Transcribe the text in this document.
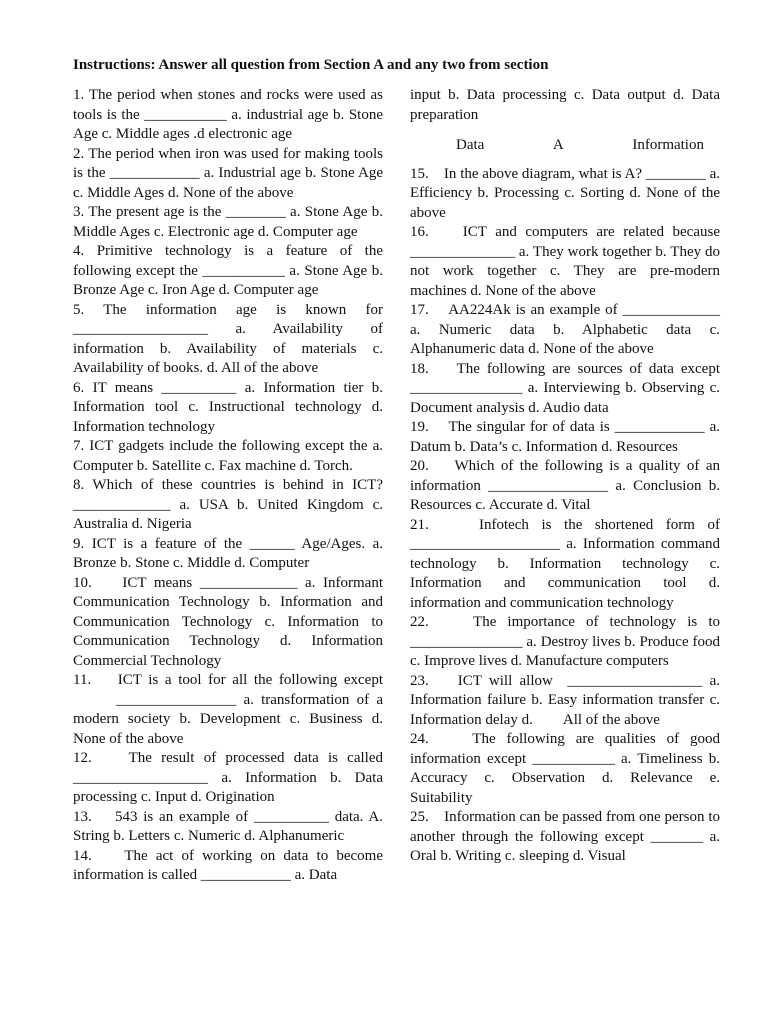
Instructions: Answer all question from Section A and any two from section

1. The period when stones and rocks were used as tools is the ___________ a. industrial age b. Stone Age c. Middle ages .d electronic age

2. The period when iron was used for making tools is the ____________ a. Industrial age b. Stone Age c. Middle Ages d. None of the above

3. The present age is the ________ a. Stone Age b. Middle Ages c. Electronic age d. Computer age

4. Primitive technology is a feature of the following except the ___________ a. Stone Age b. Bronze Age c. Iron Age d. Computer age

5. The information age is known for __________________ a. Availability of information b. Availability of materials c. Availability of books. d. All of the above

6. IT means __________ a. Information tier b. Information tool c. Instructional technology d. Information technology

7. ICT gadgets include the following except the a. Computer b. Satellite c. Fax machine d. Torch.

8. Which of these countries is behind in ICT? _____________ a. USA b. United Kingdom c. Australia d. Nigeria

9. ICT is a feature of the ______ Age/Ages. a. Bronze b. Stone c. Middle d. Computer

10.    ICT means _____________ a. Informant Communication Technology b. Information and Communication Technology c. Information to Communication Technology d. Information Commercial Technology

11.    ICT is a tool for all the following except       ________________ a. transformation of a modern society b. Development c. Business d. None of the above

12.    The result of processed data is called __________________ a. Information b. Data processing c. Input d. Origination

13.    543 is an example of __________ data. A. String b. Letters c. Numeric d. Alphanumeric

14.    The act of working on data to become information is called ____________ a. Data

input b. Data processing c. Data output d. Data preparation

Data	A	Information

15.    In the above diagram, what is A? ________ a. Efficiency b. Processing c. Sorting d. None of the above

16.    ICT and computers are related because ______________ a. They work together b. They do not work together c. They are pre-modern machines d. None of the above

17.    AA224Ak is an example of _____________ a. Numeric data b. Alphabetic data c. Alphanumeric data d. None of the above

18.    The following are sources of data except _______________ a. Interviewing b. Observing c. Document analysis d. Audio data

19.    The singular for of data is ____________ a. Datum b. Data’s c. Information d. Resources

20.    Which of the following is a quality of an information ________________ a. Conclusion b. Resources c. Accurate d. Vital

21.    Infotech is the shortened form of ____________________ a. Information command technology b. Information technology c. Information and communication tool d. information and communication technology

22.    The importance of technology is to _______________ a. Destroy lives b. Produce food c. Improve lives d. Manufacture computers

23.    ICT will allow  __________________ a. Information failure b. Easy information transfer c. Information delay d.        All of the above

24.    The following are qualities of good information except ___________ a. Timeliness b. Accuracy c. Observation d. Relevance e. Suitability

25.    Information can be passed from one person to another through the following except _______ a. Oral b. Writing c. sleeping d. Visual
